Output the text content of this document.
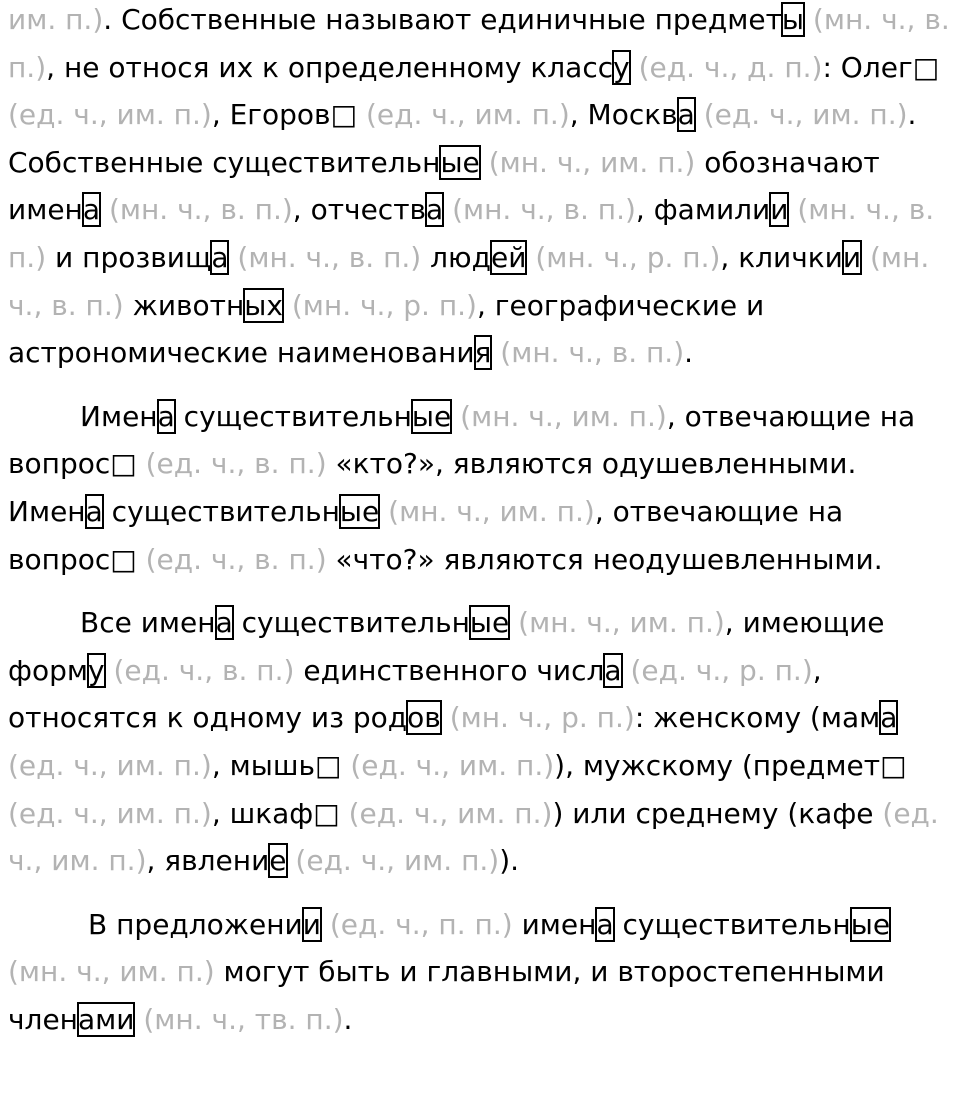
им. п.). Собственные называют единичные предметы (мн. ч., в. п.), не относя их к определенному классу (ед. ч., д. п.): Олег□ (ед. ч., им. п.), Егоров□ (ед. ч., им. п.), Москва (ед. ч., им. п.). Собственные существительные (мн. ч., им. п.) обозначают имена (мн. ч., в. п.), отчества (мн. ч., в. п.), фамилии (мн. ч., в. п.) и прозвища (мн. ч., в. п.) людей (мн. ч., р. п.), кличкии (мн. ч., в. п.) животных (мн. ч., р. п.), географические и астрономические наименования (мн. ч., в. п.).

Имена существительные (мн. ч., им. п.), отвечающие на вопрос□ (ед. ч., в. п.) «кто?», являются одушевленными. Имена существительные (мн. ч., им. п.), отвечающие на вопрос□ (ед. ч., в. п.) «что?» являются неодушевленными.

Все имена существительные (мн. ч., им. п.), имеющие форму (ед. ч., в. п.) единственного числа (ед. ч., р. п.), относятся к одному из родов (мн. ч., р. п.): женскому (мама (ед. ч., им. п.), мышь□ (ед. ч., им. п.)), мужскому (предмет□ (ед. ч., им. п.), шкаф□ (ед. ч., им. п.)) или среднему (кафе (ед. ч., им. п.), явление (ед. ч., им. п.)).

В предложении (ед. ч., п. п.) имена существительные (мн. ч., им. п.) могут быть и главными, и второстепенными членами (мн. ч., тв. п.).
